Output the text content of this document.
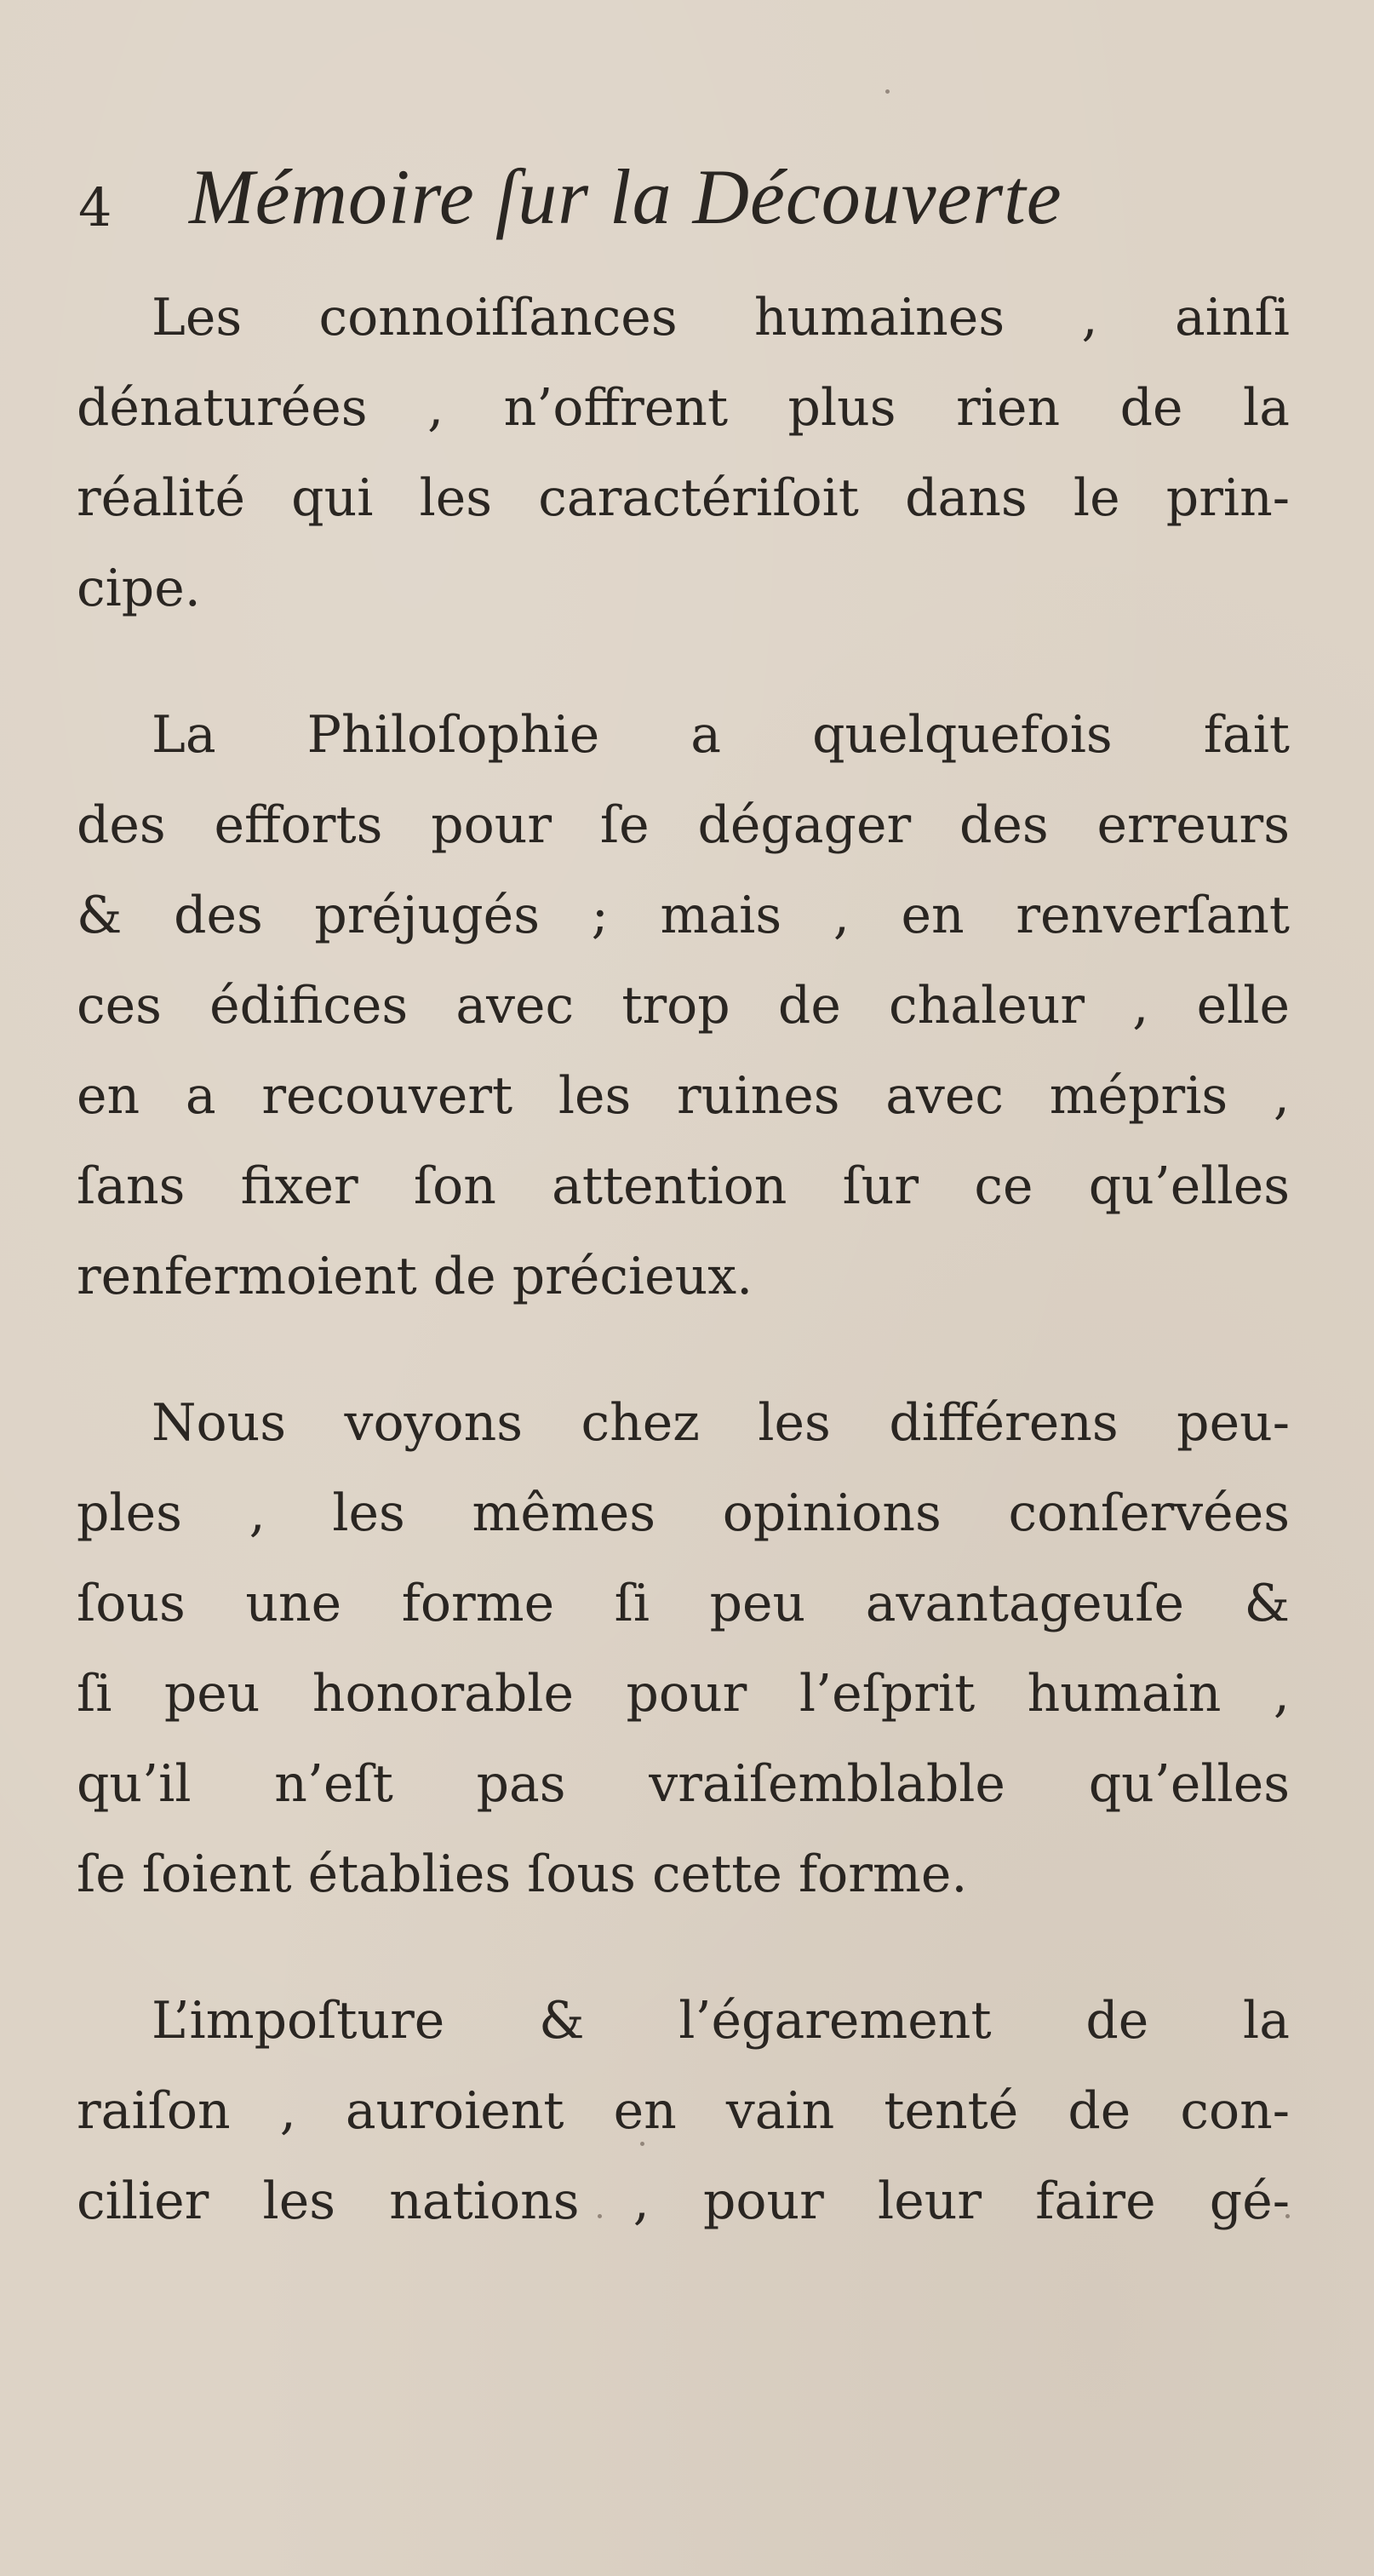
4 Mémoire ſur la Découverte
Les connoiſſances humaines , ainſi
dénaturées , n’offrent plus rien de la
réalité qui les caractériſoit dans le prin-
cipe.
La Philoſophie a quelquefois fait
des efforts pour ſe dégager des erreurs
& des préjugés ; mais , en renverſant
ces édifices avec trop de chaleur , elle
en a recouvert les ruines avec mépris ,
ſans fixer ſon attention ſur ce qu’elles
renfermoient de précieux.
Nous voyons chez les différens peu-
ples , les mêmes opinions conſervées
ſous une forme ſi peu avantageuſe &
ſi peu honorable pour l’eſprit humain ,
qu’il n’eſt pas vraiſemblable qu’elles
ſe ſoient établies ſous cette forme.
L’impoſture & l’égarement de la
raiſon , auroient en vain tenté de con-
cilier les nations , pour leur faire gé-
